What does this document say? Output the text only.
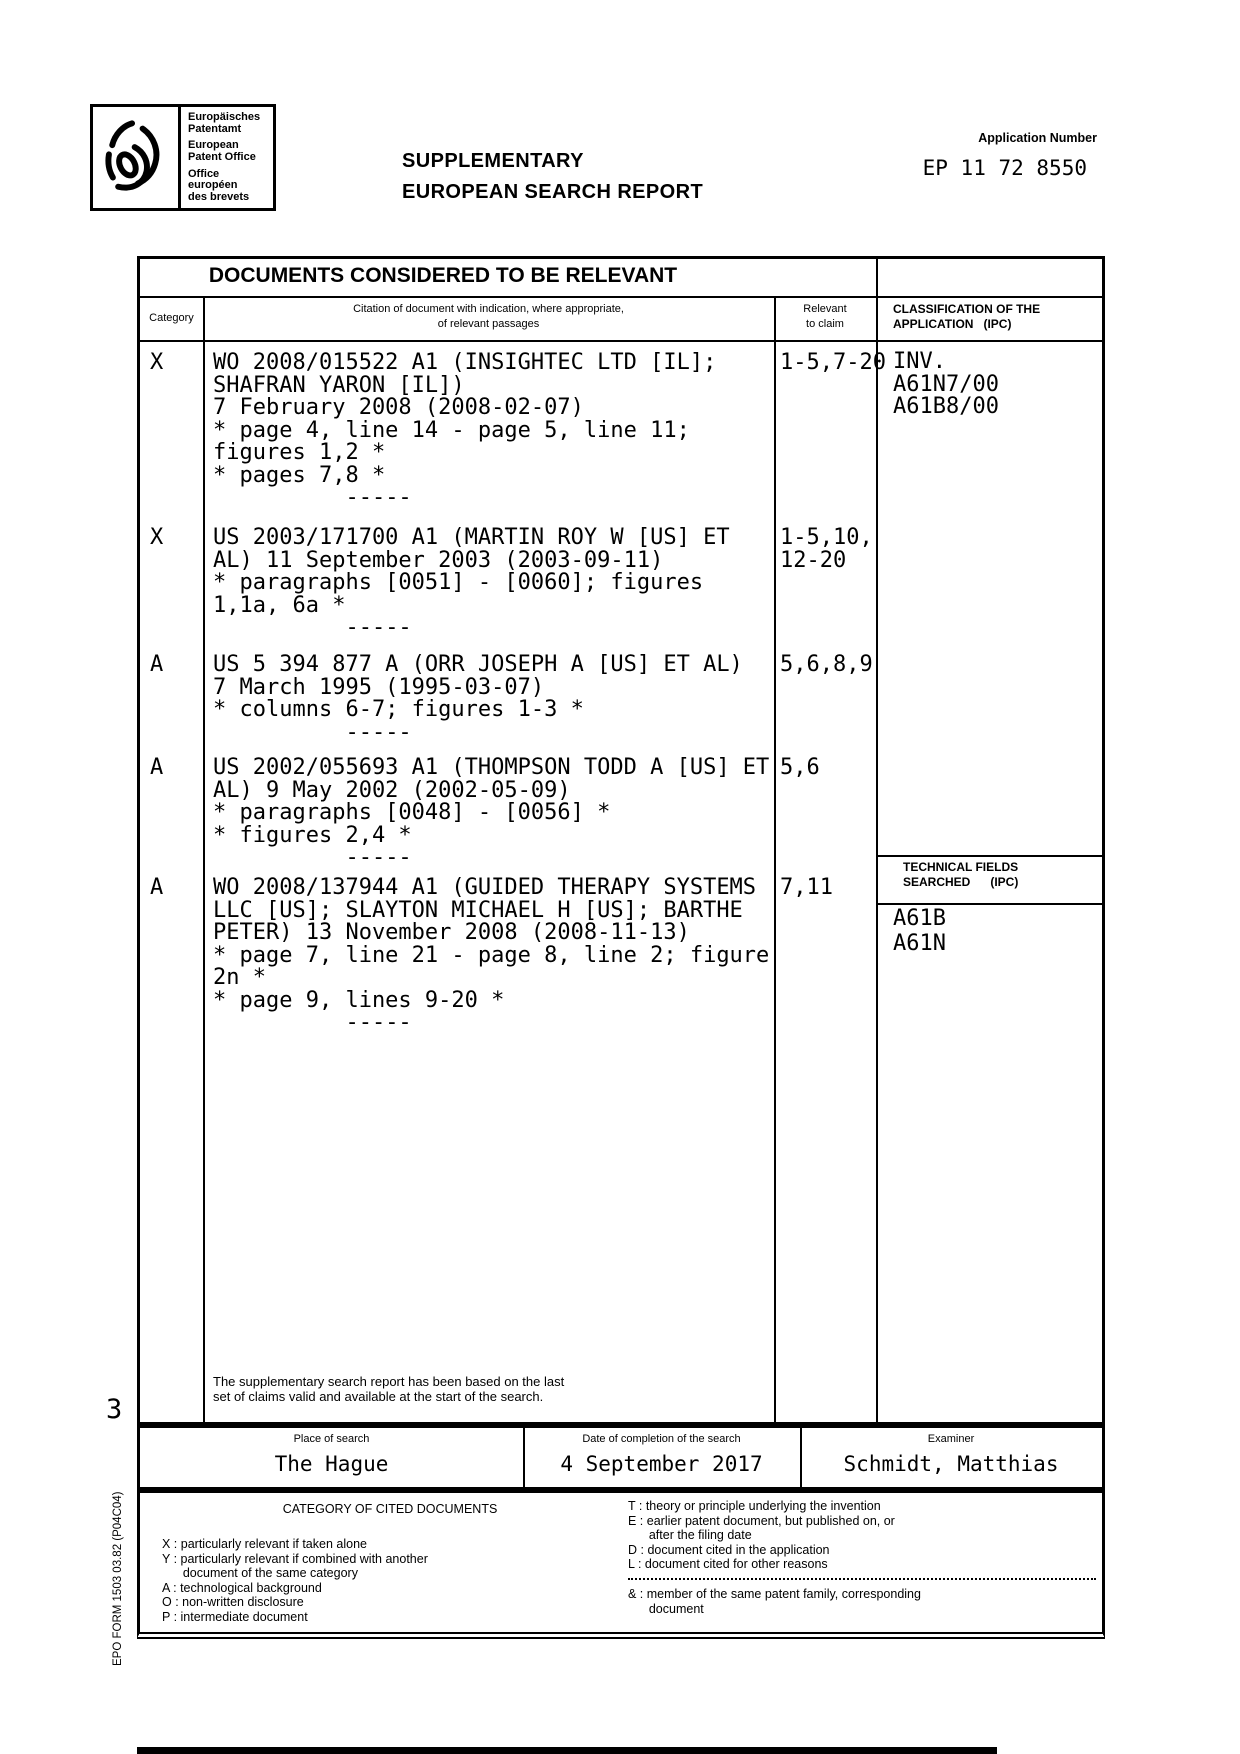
Europäisches
Patentamt
European
Patent Office
Office européen
des brevets
SUPPLEMENTARY
EUROPEAN SEARCH REPORT
Application Number
EP 11 72 8550
DOCUMENTS CONSIDERED TO BE RELEVANT
Category
Citation of document with indication, where appropriate,
of relevant passages
Relevant
to claim
CLASSIFICATION OF THE
APPLICATION   (IPC)
X WO 2008/015522 A1 (INSIGHTEC LTD [IL];
SHAFRAN YARON [IL])
7 February 2008 (2008-02-07)
* page 4, line 14 - page 5, line 11;
figures 1,2 *
* pages 7,8 *
-----
1-5,7-20
X US 2003/171700 A1 (MARTIN ROY W [US] ET
AL) 11 September 2003 (2003-09-11)
* paragraphs [0051] - [0060]; figures
1,1a, 6a *
-----
1-5,10,
12-20
A US 5 394 877 A (ORR JOSEPH A [US] ET AL)
7 March 1995 (1995-03-07)
* columns 6-7; figures 1-3 *
-----
5,6,8,9
A US 2002/055693 A1 (THOMPSON TODD A [US] ET
AL) 9 May 2002 (2002-05-09)
* paragraphs [0048] - [0056] *
* figures 2,4 *
-----
5,6
A WO 2008/137944 A1 (GUIDED THERAPY SYSTEMS
LLC [US]; SLAYTON MICHAEL H [US]; BARTHE
PETER) 13 November 2008 (2008-11-13)
* page 7, line 21 - page 8, line 2; figure
2n *
* page 9, lines 9-20 *
-----
7,11
INV.
A61N7/00
A61B8/00
TECHNICAL FIELDS
SEARCHED      (IPC)
A61B
A61N
The supplementary search report has been based on the last
set of claims valid and available at the start of the search.
Place of search	Date of completion of the search	Examiner
The Hague	4 September 2017	Schmidt, Matthias
CATEGORY OF CITED DOCUMENTS
X : particularly relevant if taken alone
Y : particularly relevant if combined with another
document of the same category
A : technological background
O : non-written disclosure
P : intermediate document
T : theory or principle underlying the invention
E : earlier patent document, but published on, or
after the filing date
D : document cited in the application
L : document cited for other reasons
& : member of the same patent family, corresponding
document
3
EPO FORM 1503 03.82 (P04C04)
